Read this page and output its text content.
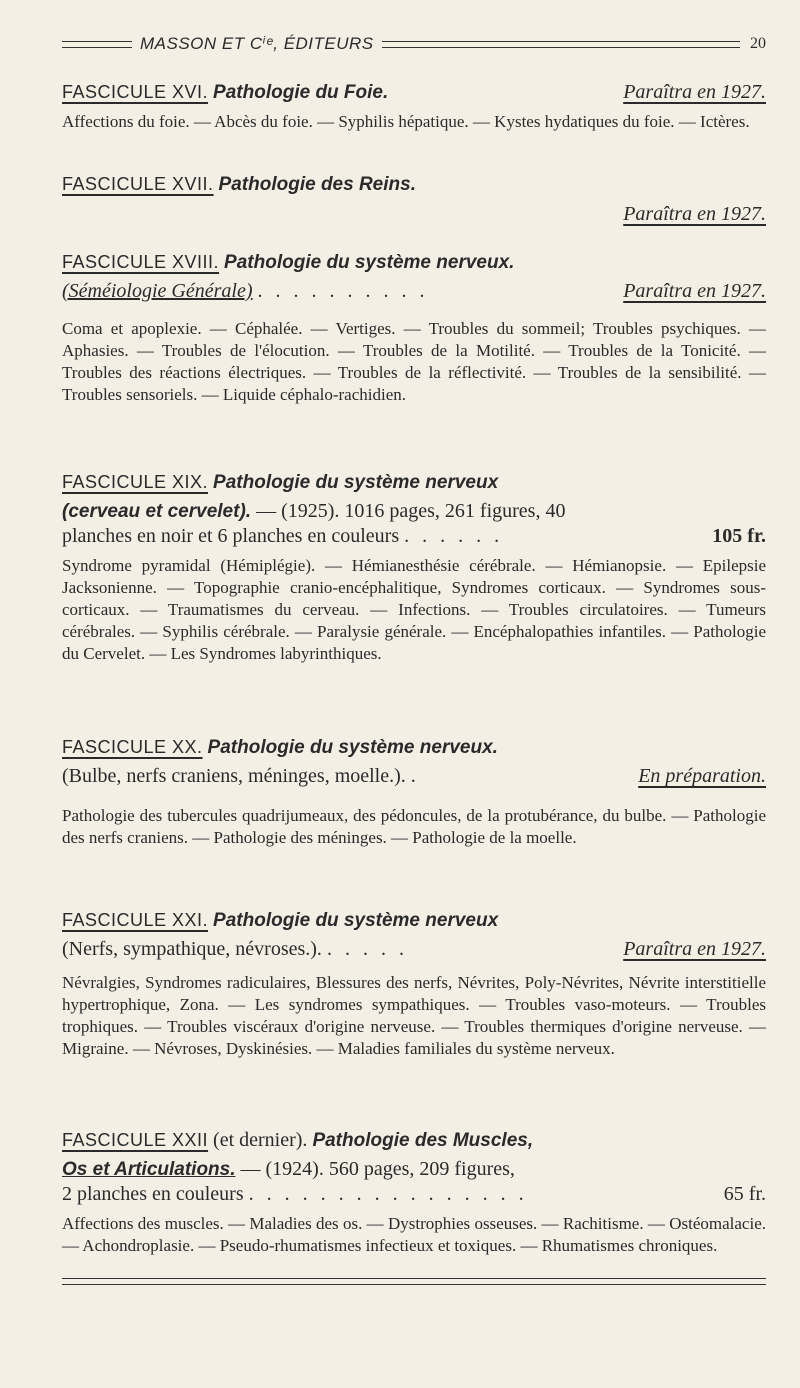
MASSON ET Cⁱᵉ, ÉDITEURS	20
FASCICULE XVI. Pathologie du Foie.	Paraîtra en 1927.
Affections du foie. — Abcès du foie. — Syphilis hépatique. — Kystes hydatiques du foie. — Ictères.
FASCICULE XVII. Pathologie des Reins.
Paraîtra en 1927.
FASCICULE XVIII. Pathologie du système nerveux.
(Séméiologie Générale) . . . . . . . . . .	Paraîtra en 1927.
Coma et apoplexie. — Céphalée. — Vertiges. — Troubles du sommeil; Troubles psychiques. — Aphasies. — Troubles de l'élocution. — Troubles de la Motilité. — Troubles de la Tonicité. — Troubles des réactions électriques. — Troubles de la réflectivité. — Troubles de la sensibilité. — Troubles sensoriels. — Liquide céphalo-rachidien.
FASCICULE XIX. Pathologie du système nerveux
(cerveau et cervelet). — (1925). 1016 pages, 261 figures, 40
planches en noir et 6 planches en couleurs . . . . . .	105 fr.
Syndrome pyramidal (Hémiplégie). — Hémianesthésie cérébrale. — Hémianopsie. — Epilepsie Jacksonienne. — Topographie cranio-encéphalitique, Syndromes corticaux. — Syndromes sous-corticaux. — Traumatismes du cerveau. — Infections. — Troubles circulatoires. — Tumeurs cérébrales. — Syphilis cérébrale. — Paralysie générale. — Encéphalopathies infantiles. — Pathologie du Cervelet. — Les Syndromes labyrinthiques.
FASCICULE XX. Pathologie du système nerveux.
(Bulbe, nerfs craniens, méninges, moelle.). .	En préparation.
Pathologie des tubercules quadrijumeaux, des pédoncules, de la protubérance, du bulbe. — Pathologie des nerfs craniens. — Pathologie des méninges. — Pathologie de la moelle.
FASCICULE XXI. Pathologie du système nerveux
(Nerfs, sympathique, névroses.). . . . . .	Paraîtra en 1927.
Névralgies, Syndromes radiculaires, Blessures des nerfs, Névrites, Poly-Névrites, Névrite interstitielle hypertrophique, Zona. — Les syndromes sympathiques. — Troubles vaso-moteurs. — Troubles trophiques. — Troubles viscéraux d'origine nerveuse. — Troubles thermiques d'origine nerveuse. — Migraine. — Névroses, Dyskinésies. — Maladies familiales du système nerveux.
FASCICULE XXII (et dernier). Pathologie des Muscles,
Os et Articulations. — (1924). 560 pages, 209 figures,
2 planches en couleurs . . . . . . . . . . . . . . . .	65 fr.
Affections des muscles. — Maladies des os. — Dystrophies osseuses. — Rachitisme. — Ostéomalacie. — Achondroplasie. — Pseudo-rhumatismes infectieux et toxiques. — Rhumatismes chroniques.
